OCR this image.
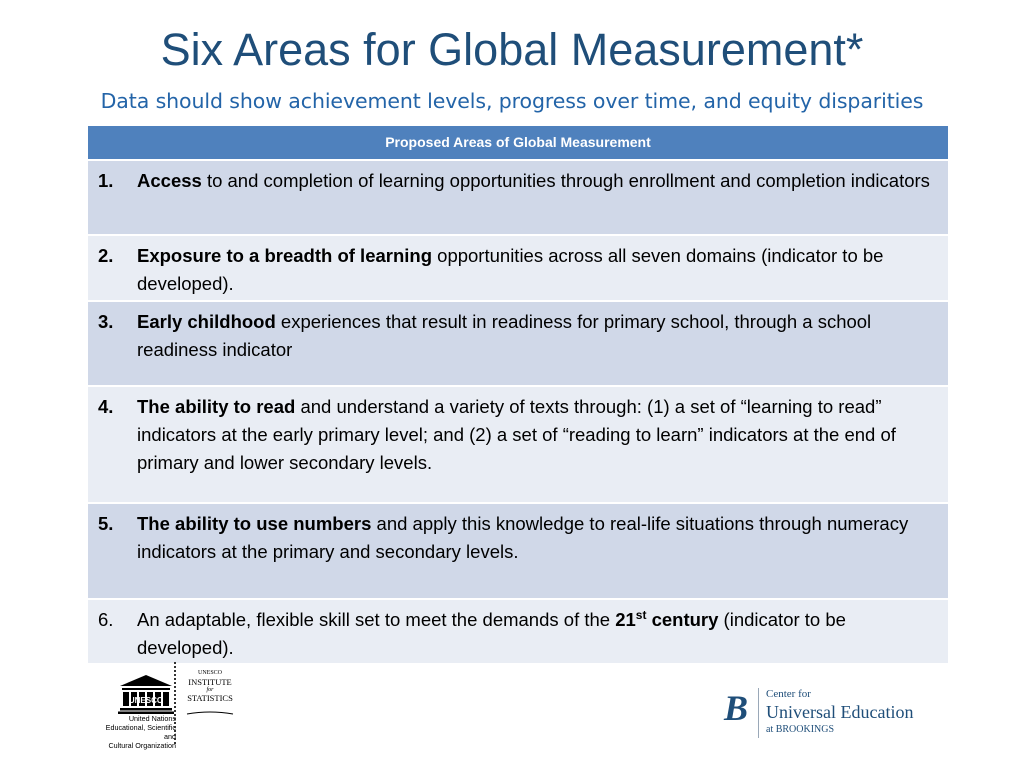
Six Areas for Global Measurement*
Data should show achievement levels, progress over time, and equity disparities
Proposed Areas of Global Measurement
1.	Access to and completion of learning opportunities through enrollment and completion indicators
2.	Exposure to a breadth of learning opportunities across all seven domains (indicator to be developed).
3.	Early childhood experiences that result in readiness for primary school, through a school readiness indicator
4.	The ability to read and understand a variety of texts through: (1) a set of “learning to read” indicators at the early primary level; and (2) a set of “reading to learn” indicators at the end of primary and lower secondary levels.
5.	The ability to use numbers and apply this knowledge to real-life situations through numeracy indicators at the primary and secondary levels.
6.	An adaptable, flexible skill set to meet the demands of the 21st century (indicator to be developed).
UNESCO
United Nations
Educational, Scientific and
Cultural Organization
UNESCO
INSTITUTE
for
STATISTICS	B Center for
Universal Education
at BROOKINGS
